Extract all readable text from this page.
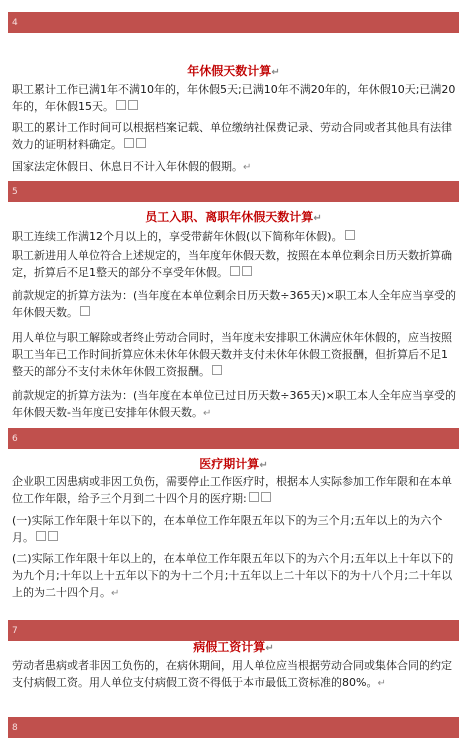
4
年休假天数计算↵
职工累计工作已满1年不满10年的，年休假5天;已满10年不满20年的，年休假10天;已满20年的，年休假15天。
职工的累计工作时间可以根据档案记载、单位缴纳社保费记录、劳动合同或者其他具有法律效力的证明材料确定。
国家法定休假日、休息日不计入年休假的假期。↵
5
员工入职、离职年休假天数计算↵
职工连续工作满12个月以上的，享受带薪年休假(以下简称年休假)。
职工新进用人单位符合上述规定的，当年度年休假天数，按照在本单位剩余日历天数折算确定，折算后不足1整天的部分不享受年休假。
前款规定的折算方法为：(当年度在本单位剩余日历天数÷365天)×职工本人全年应当享受的年休假天数。
用人单位与职工解除或者终止劳动合同时，当年度未安排职工休满应休年休假的，应当按照职工当年已工作时间折算应休未休年休假天数并支付未休年休假工资报酬，但折算后不足1整天的部分不支付未休年休假工资报酬。
前款规定的折算方法为：(当年度在本单位已过日历天数÷365天)×职工本人全年应当享受的年休假天数-当年度已安排年休假天数。↵
6
医疗期计算↵
企业职工因患病或非因工负伤，需要停止工作医疗时，根据本人实际参加工作年限和在本单位工作年限，给予三个月到二十四个月的医疗期:
(一)实际工作年限十年以下的，在本单位工作年限五年以下的为三个月;五年以上的为六个月。
(二)实际工作年限十年以上的，在本单位工作年限五年以下的为六个月;五年以上十年以下的为九个月;十年以上十五年以下的为十二个月;十五年以上二十年以下的为十八个月;二十年以上的为二十四个月。↵
7
病假工资计算↵
劳动者患病或者非因工负伤的，在病休期间，用人单位应当根据劳动合同或集体合同的约定支付病假工资。用人单位支付病假工资不得低于本市最低工资标准的80%。↵
8
